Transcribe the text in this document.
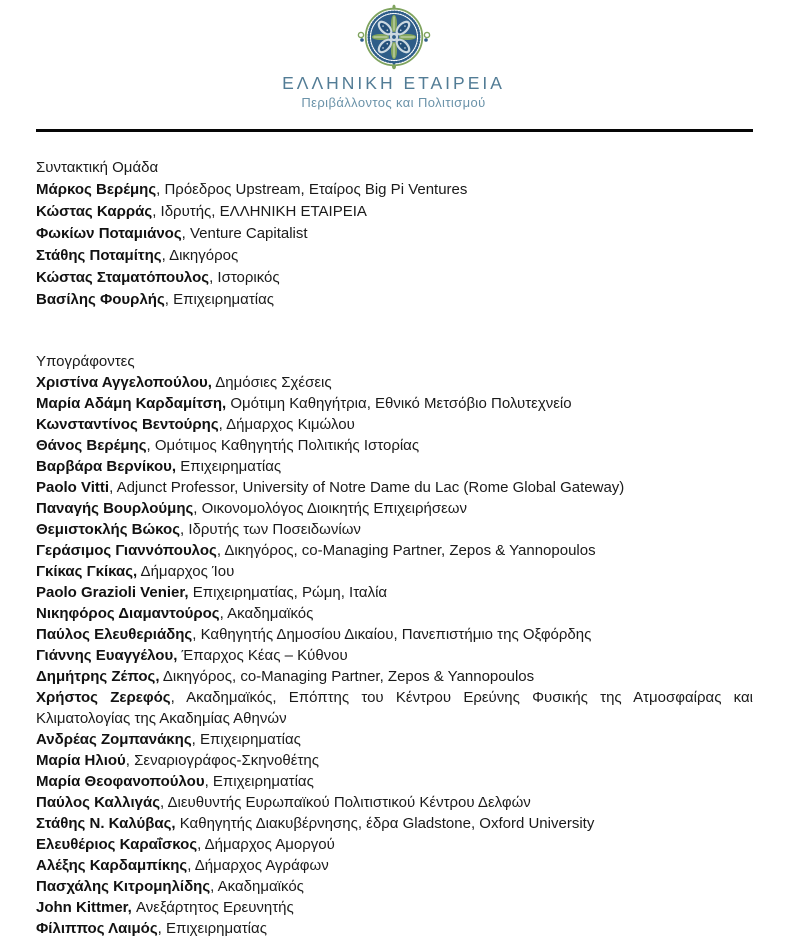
ΕΛΛΗΝΙΚΗ ΕΤΑΙΡΕΙΑ
Περιβάλλοντος και Πολιτισμού

Συντακτική Ομάδα

Μάρκος Βερέμης, Πρόεδρος Upstream, Εταίρος Big Pi Ventures

Κώστας Καρράς, Ιδρυτής, ΕΛΛΗΝΙΚΗ ΕΤΑΙΡΕΙΑ

Φωκίων Ποταμιάνος, Venture Capitalist

Στάθης Ποταμίτης, Δικηγόρος

Κώστας Σταματόπουλος, Ιστορικός

Βασίλης Φουρλής, Επιχειρηματίας

Υπογράφοντες

Χριστίνα Αγγελοπούλου, Δημόσιες Σχέσεις

Μαρία Αδάμη Καρδαμίτση, Ομότιμη Καθηγήτρια, Εθνικό Μετσόβιο Πολυτεχνείο

Κωνσταντίνος Βεντούρης, Δήμαρχος Κιμώλου

Θάνος Βερέμης, Ομότιμος Καθηγητής Πολιτικής Ιστορίας

Βαρβάρα Βερνίκου, Επιχειρηματίας

Paolo Vitti, Adjunct Professor, University of Notre Dame du Lac (Rome Global Gateway)

Παναγής Βουρλούμης, Οικονομολόγος Διοικητής Επιχειρήσεων

Θεμιστοκλής Βώκος, Ιδρυτής των Ποσειδωνίων

Γεράσιμος Γιαννόπουλος, Δικηγόρος, co-Managing Partner, Zepos & Yannopoulos

Γκίκας Γκίκας, Δήμαρχος Ίου

Paolo Grazioli Venier, Επιχειρηματίας, Ρώμη, Ιταλία

Νικηφόρος Διαμαντούρος, Ακαδημαϊκός

Παύλος Ελευθεριάδης, Καθηγητής Δημοσίου Δικαίου, Πανεπιστήμιο της Οξφόρδης

Γιάννης Ευαγγέλου, Έπαρχος Κέας – Κύθνου

Δημήτρης Ζέπος, Δικηγόρος, co-Managing Partner, Zepos & Yannopoulos

Χρήστος Ζερεφός, Ακαδημαϊκός, Επόπτης του Κέντρου Ερεύνης Φυσικής της Ατμοσφαίρας και Κλιματολογίας της Ακαδημίας Αθηνών

Ανδρέας Ζομπανάκης, Επιχειρηματίας

Μαρία Ηλιού, Σεναριογράφος-Σκηνοθέτης

Μαρία Θεοφανοπούλου, Επιχειρηματίας

Παύλος Καλλιγάς, Διευθυντής Ευρωπαϊκού Πολιτιστικού Κέντρου Δελφών

Στάθης Ν. Καλύβας, Καθηγητής Διακυβέρνησης, έδρα Gladstone, Oxford University

Ελευθέριος Καραΐσκος, Δήμαρχος Αμοργού

Αλέξης Καρδαμπίκης, Δήμαρχος Αγράφων

Πασχάλης Κιτρομηλίδης, Ακαδημαϊκός

John Kittmer, Ανεξάρτητος Ερευνητής

Φίλιππος Λαιμός, Επιχειρηματίας
